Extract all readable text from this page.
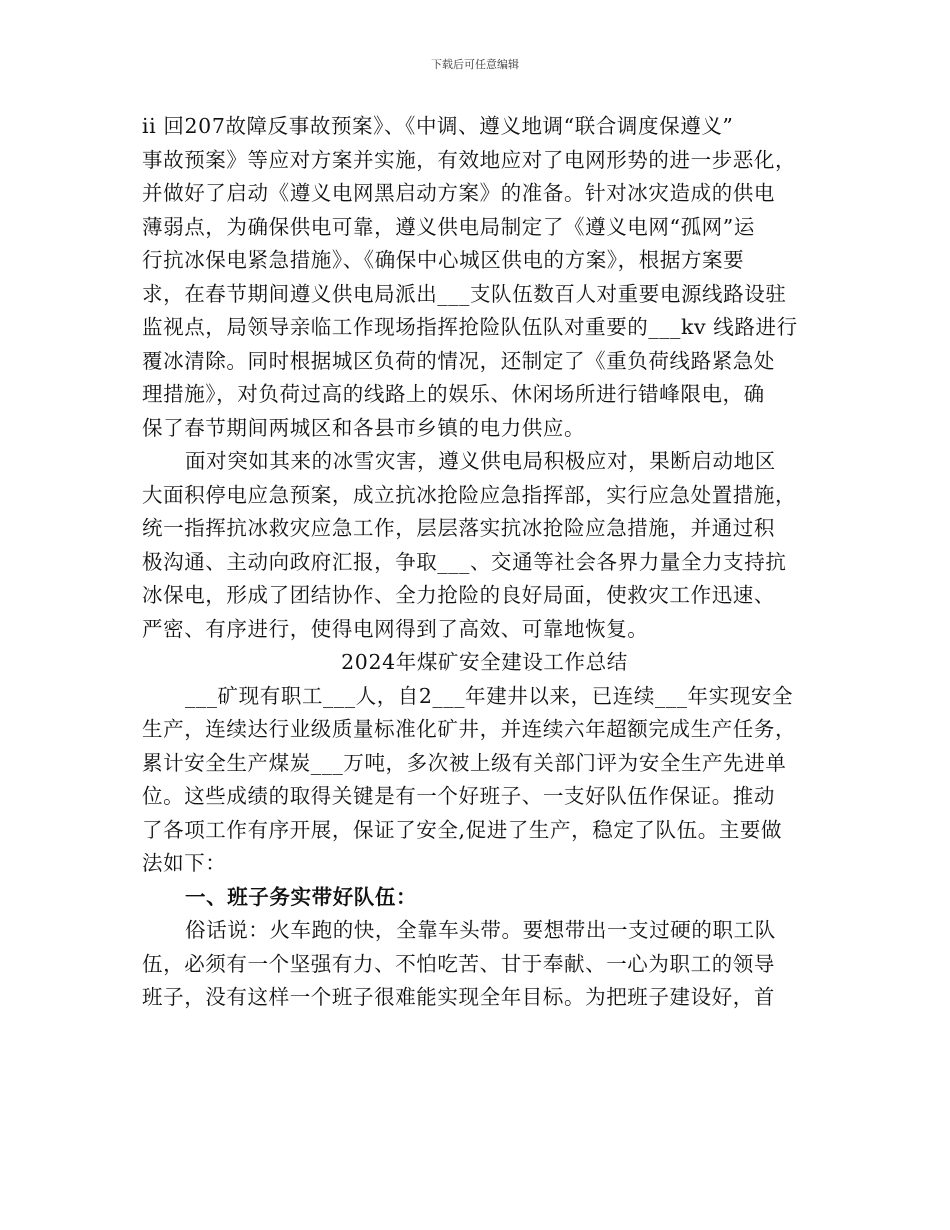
下载后可任意编辑
ii 回207故障反事故预案》、《中调、遵义地调“联合调度保遵义”
事故预案》等应对方案并实施，有效地应对了电网形势的进一步恶化，
并做好了启动《遵义电网黑启动方案》的准备。针对冰灾造成的供电
薄弱点，为确保供电可靠，遵义供电局制定了《遵义电网“孤网”运
行抗冰保电紧急措施》、《确保中心城区供电的方案》，根据方案要
求，在春节期间遵义供电局派出___支队伍数百人对重要电源线路设驻
监视点，局领导亲临工作现场指挥抢险队伍队对重要的___kv 线路进行
覆冰清除。同时根据城区负荷的情况，还制定了《重负荷线路紧急处
理措施》，对负荷过高的线路上的娱乐、休闲场所进行错峰限电，确
保了春节期间两城区和各县市乡镇的电力供应。
面对突如其来的冰雪灾害，遵义供电局积极应对，果断启动地区
大面积停电应急预案，成立抗冰抢险应急指挥部，实行应急处置措施，
统一指挥抗冰救灾应急工作，层层落实抗冰抢险应急措施，并通过积
极沟通、主动向政府汇报，争取___、交通等社会各界力量全力支持抗
冰保电，形成了团结协作、全力抢险的良好局面，使救灾工作迅速、
严密、有序进行，使得电网得到了高效、可靠地恢复。
2024年煤矿安全建设工作总结
___矿现有职工___人，自2___年建井以来，已连续___年实现安全
生产，连续达行业级质量标准化矿井，并连续六年超额完成生产任务，
累计安全生产煤炭___万吨，多次被上级有关部门评为安全生产先进单
位。这些成绩的取得关键是有一个好班子、一支好队伍作保证。推动
了各项工作有序开展，保证了安全,促进了生产，稳定了队伍。主要做
法如下：
一、班子务实带好队伍：
俗话说：火车跑的快，全靠车头带。要想带出一支过硬的职工队
伍，必须有一个坚强有力、不怕吃苦、甘于奉献、一心为职工的领导
班子，没有这样一个班子很难能实现全年目标。为把班子建设好，首
